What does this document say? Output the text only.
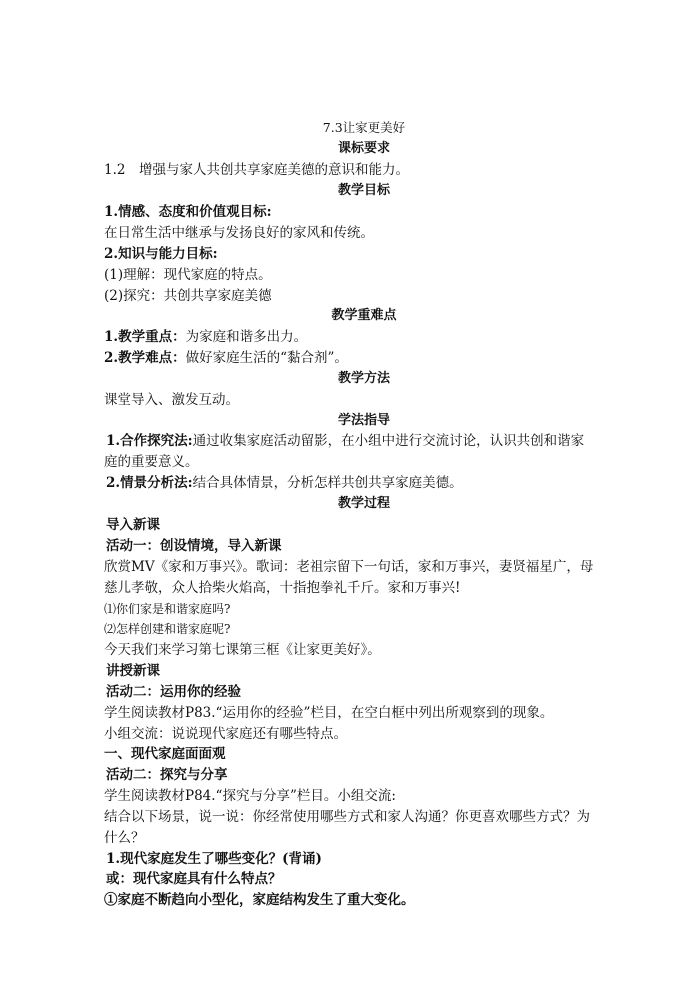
7.3让家更美好
课标要求
1.2　增强与家人共创共享家庭美德的意识和能力。
教学目标
1.情感、态度和价值观目标:
在日常生活中继承与发扬良好的家风和传统。
2.知识与能力目标:
(1)理解：现代家庭的特点。
(2)探究：共创共享家庭美德
教学重难点
1.教学重点：为家庭和谐多出力。
2.教学难点：做好家庭生活的“黏合剂”。
教学方法
课堂导入、激发互动。
学法指导
1.合作探究法:通过收集家庭活动留影，在小组中进行交流讨论，认识共创和谐家
庭的重要意义。
2.情景分析法:结合具体情景，分析怎样共创共享家庭美德。
教学过程
导入新课
活动一：创设情境，导入新课
欣赏MV《家和万事兴》。歌词：老祖宗留下一句话，家和万事兴，妻贤福星广，母
慈儿孝敬，众人拾柴火焰高，十指抱拳礼千斤。家和万事兴!
⑴你们家是和谐家庭吗?
⑵怎样创建和谐家庭呢?
今天我们来学习第七课第三框《让家更美好》。
讲授新课
活动二：运用你的经验
学生阅读教材P83.“运用你的经验”栏目，在空白框中列出所观察到的现象。
小组交流：说说现代家庭还有哪些特点。
一、现代家庭面面观
活动二：探究与分享
学生阅读教材P84.“探究与分享”栏目。小组交流:
结合以下场景，说一说：你经常使用哪些方式和家人沟通？你更喜欢哪些方式？为
什么？
1.现代家庭发生了哪些变化？(背诵)
或：现代家庭具有什么特点？
①家庭不断趋向小型化，家庭结构发生了重大变化。
